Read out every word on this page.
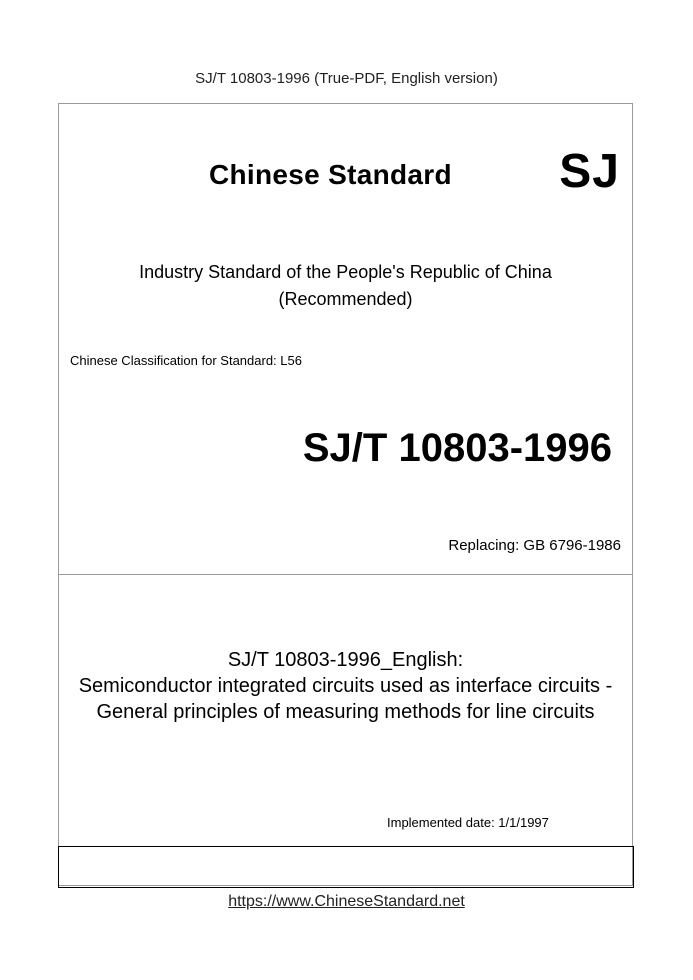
SJ/T 10803-1996 (True-PDF, English version)
Chinese Standard SJ
Industry Standard of the People's Republic of China
(Recommended)
Chinese Classification for Standard: L56
SJ/T 10803-1996
Replacing: GB 6796-1986
SJ/T 10803-1996_English:
Semiconductor integrated circuits used as interface circuits -
General principles of measuring methods for line circuits
Implemented date: 1/1/1997
https://www.ChineseStandard.net
